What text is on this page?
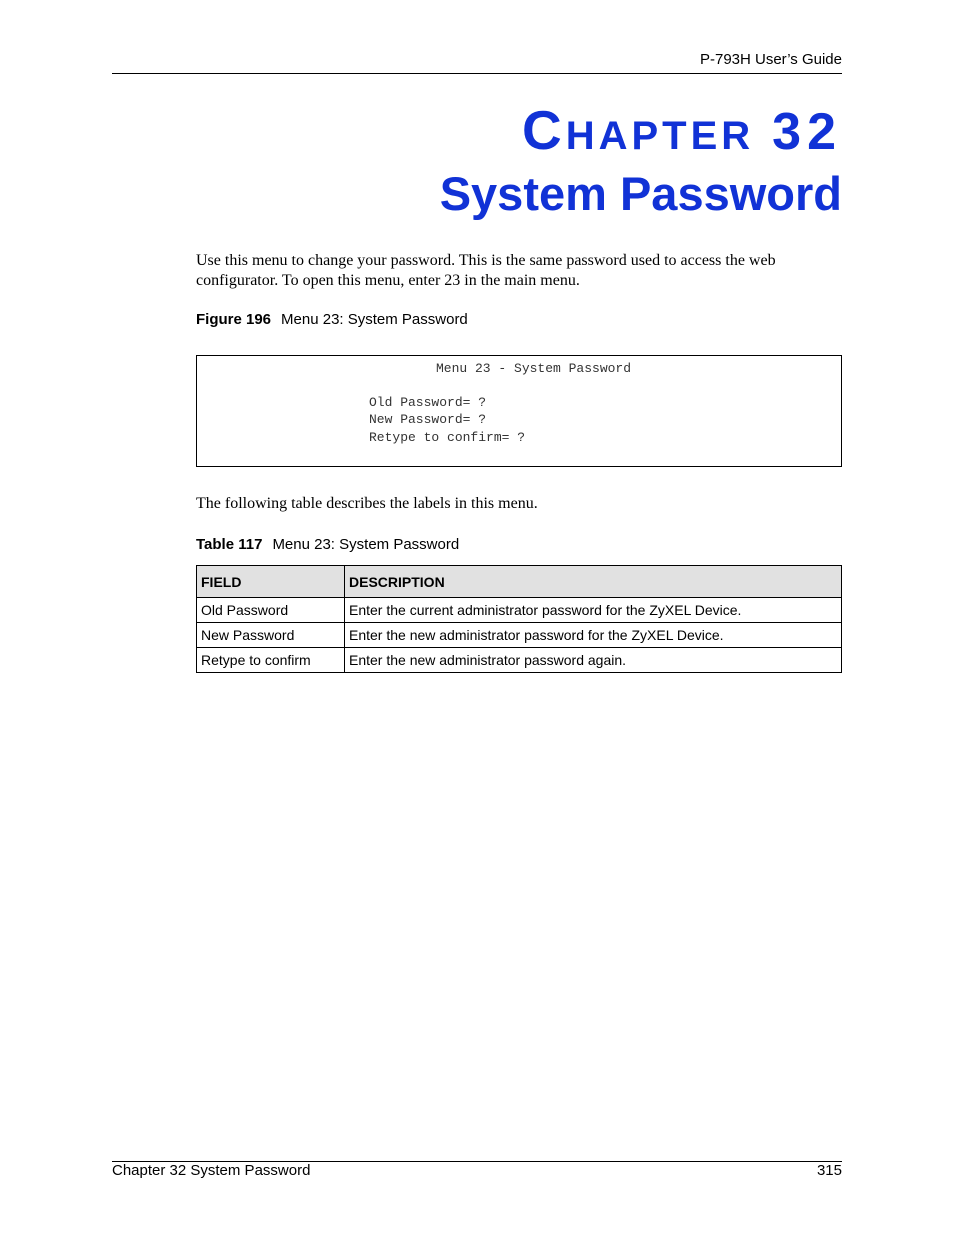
P-793H User’s Guide
CHAPTER 32
System Password
Use this menu to change your password. This is the same password used to access the web configurator. To open this menu, enter 23 in the main menu.
Figure 196 Menu 23: System Password
Menu 23 - System Password
Old Password= ?
New Password= ?
Retype to confirm= ?
The following table describes the labels in this menu.
Table 117 Menu 23: System Password
FIELD	DESCRIPTION
Old Password	Enter the current administrator password for the ZyXEL Device.
New Password	Enter the new administrator password for the ZyXEL Device.
Retype to confirm	Enter the new administrator password again.
Chapter 32 System Password	315
